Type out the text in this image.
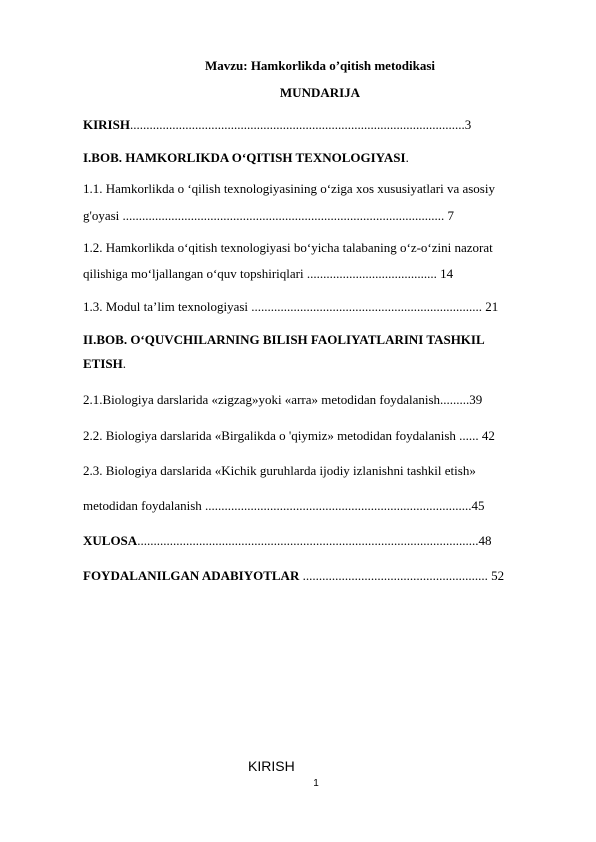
Mavzu: Hamkorlikda o’qitish metodikasi
MUNDARIJA
KIRISH.......................................................................................................3
I.BOB. HAMKORLIKDA O‘QITISH TEXNOLOGIYASI.
1.1. Hamkorlikda o ‘qilish texnologiyasining o‘ziga xos xususiyatlari va asosiy
g'oyasi ................................................................................................... 7
1.2. Hamkorlikda o‘qitish texnologiyasi bo‘yicha talabaning o‘z-o‘zini nazorat
qilishiga mo‘ljallangan o‘quv topshiriqlari ........................................ 14
1.3. Modul ta’lim texnologiyasi ....................................................................... 21
II.BOB. O‘QUVCHILARNING BILISH FAOLIYATLARINI TASHKIL
ETISH.
2.1.Biologiya darslarida «zigzag»yoki «arra» metodidan foydalanish.........39
2.2. Biologiya darslarida «Birgalikda o 'qiymiz» metodidan foydalanish ...... 42
2.3. Biologiya darslarida «Kichik guruhlarda ijodiy izlanishni tashkil etish»
metodidan foydalanish ..................................................................................45
XULOSA.........................................................................................................48
FOYDALANILGAN ADABIYOTLAR ......................................................... 52
KIRISH
1
